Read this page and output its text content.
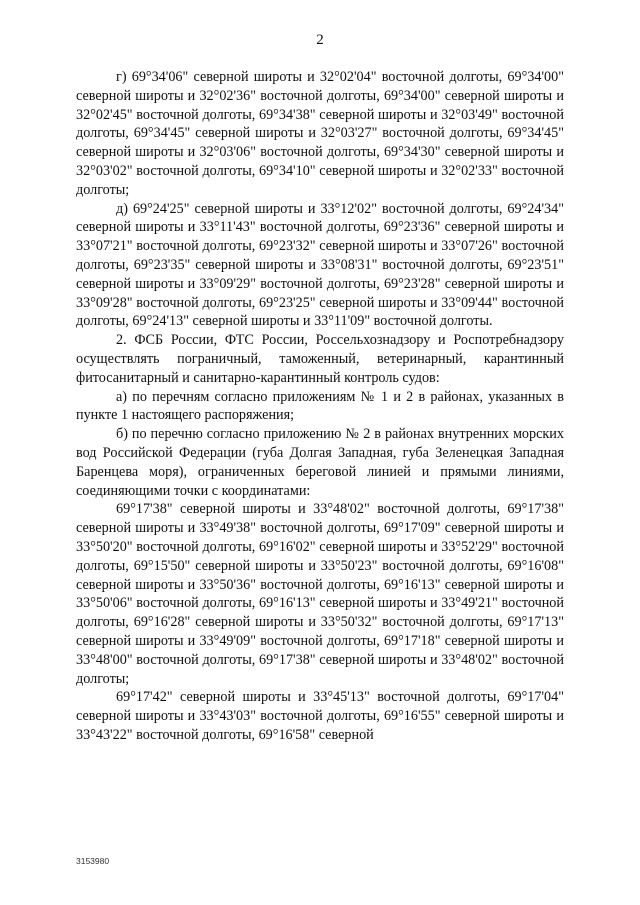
2

г) 69°34'06" северной широты и 32°02'04" восточной долготы, 69°34'00" северной широты и 32°02'36" восточной долготы, 69°34'00" северной широты и 32°02'45" восточной долготы, 69°34'38" северной широты и 32°03'49" восточной долготы, 69°34'45" северной широты и 32°03'27" восточной долготы, 69°34'45" северной широты и 32°03'06" восточной долготы, 69°34'30" северной широты и 32°03'02" восточной долготы, 69°34'10" северной широты и 32°02'33" восточной долготы;

д) 69°24'25" северной широты и 33°12'02" восточной долготы, 69°24'34" северной широты и 33°11'43" восточной долготы, 69°23'36" северной широты и 33°07'21" восточной долготы, 69°23'32" северной широты и 33°07'26" восточной долготы, 69°23'35" северной широты и 33°08'31" восточной долготы, 69°23'51" северной широты и 33°09'29" восточной долготы, 69°23'28" северной широты и 33°09'28" восточной долготы, 69°23'25" северной широты и 33°09'44" восточной долготы, 69°24'13" северной широты и 33°11'09" восточной долготы.

2. ФСБ России, ФТС России, Россельхознадзору и Роспотребнадзору осуществлять пограничный, таможенный, ветеринарный, карантинный фитосанитарный и санитарно-карантинный контроль судов:

а) по перечням согласно приложениям № 1 и 2 в районах, указанных в пункте 1 настоящего распоряжения;

б) по перечню согласно приложению № 2 в районах внутренних морских вод Российской Федерации (губа Долгая Западная, губа Зеленецкая Западная Баренцева моря), ограниченных береговой линией и прямыми линиями, соединяющими точки с координатами:

69°17'38" северной широты и 33°48'02" восточной долготы, 69°17'38" северной широты и 33°49'38" восточной долготы, 69°17'09" северной широты и 33°50'20" восточной долготы, 69°16'02" северной широты и 33°52'29" восточной долготы, 69°15'50" северной широты и 33°50'23" восточной долготы, 69°16'08" северной широты и 33°50'36" восточной долготы, 69°16'13" северной широты и 33°50'06" восточной долготы, 69°16'13" северной широты и 33°49'21" восточной долготы, 69°16'28" северной широты и 33°50'32" восточной долготы, 69°17'13" северной широты и 33°49'09" восточной долготы, 69°17'18" северной широты и 33°48'00" восточной долготы, 69°17'38" северной широты и 33°48'02" восточной долготы;

69°17'42" северной широты и 33°45'13" восточной долготы, 69°17'04" северной широты и 33°43'03" восточной долготы, 69°16'55" северной широты и 33°43'22" восточной долготы, 69°16'58" северной

3153980
